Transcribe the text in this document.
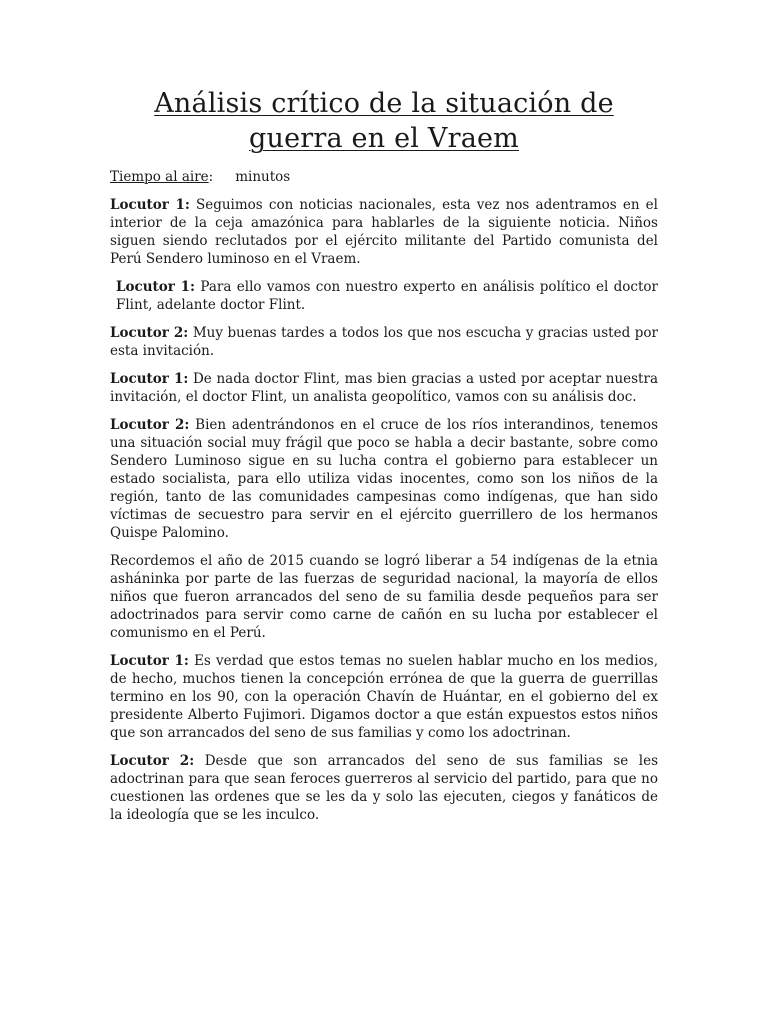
Análisis crítico de la situación de guerra en el Vraem
Tiempo al aire: minutos

Locutor 1: Seguimos con noticias nacionales, esta vez nos adentramos en el interior de la ceja amazónica para hablarles de la siguiente noticia. Niños siguen siendo reclutados por el ejército militante del Partido comunista del Perú Sendero luminoso en el Vraem.

Locutor 1: Para ello vamos con nuestro experto en análisis político el doctor Flint, adelante doctor Flint.

Locutor 2: Muy buenas tardes a todos los que nos escucha y gracias usted por esta invitación.

Locutor 1: De nada doctor Flint, mas bien gracias a usted por aceptar nuestra invitación, el doctor Flint, un analista geopolítico, vamos con su análisis doc.

Locutor 2: Bien adentrándonos en el cruce de los ríos interandinos, tenemos una situación social muy frágil que poco se habla a decir bastante, sobre como Sendero Luminoso sigue en su lucha contra el gobierno para establecer un estado socialista, para ello utiliza vidas inocentes, como son los niños de la región, tanto de las comunidades campesinas como indígenas, que han sido víctimas de secuestro para servir en el ejército guerrillero de los hermanos Quispe Palomino.

Recordemos el año de 2015 cuando se logró liberar a 54 indígenas de la etnia asháninka por parte de las fuerzas de seguridad nacional, la mayoría de ellos niños que fueron arrancados del seno de su familia desde pequeños para ser adoctrinados para servir como carne de cañón en su lucha por establecer el comunismo en el Perú.

Locutor 1: Es verdad que estos temas no suelen hablar mucho en los medios, de hecho, muchos tienen la concepción errónea de que la guerra de guerrillas termino en los 90, con la operación Chavín de Huántar, en el gobierno del ex presidente Alberto Fujimori. Digamos doctor a que están expuestos estos niños que son arrancados del seno de sus familias y como los adoctrinan.

Locutor 2: Desde que son arrancados del seno de sus familias se les adoctrinan para que sean feroces guerreros al servicio del partido, para que no cuestionen las ordenes que se les da y solo las ejecuten, ciegos y fanáticos de la ideología que se les inculco.
